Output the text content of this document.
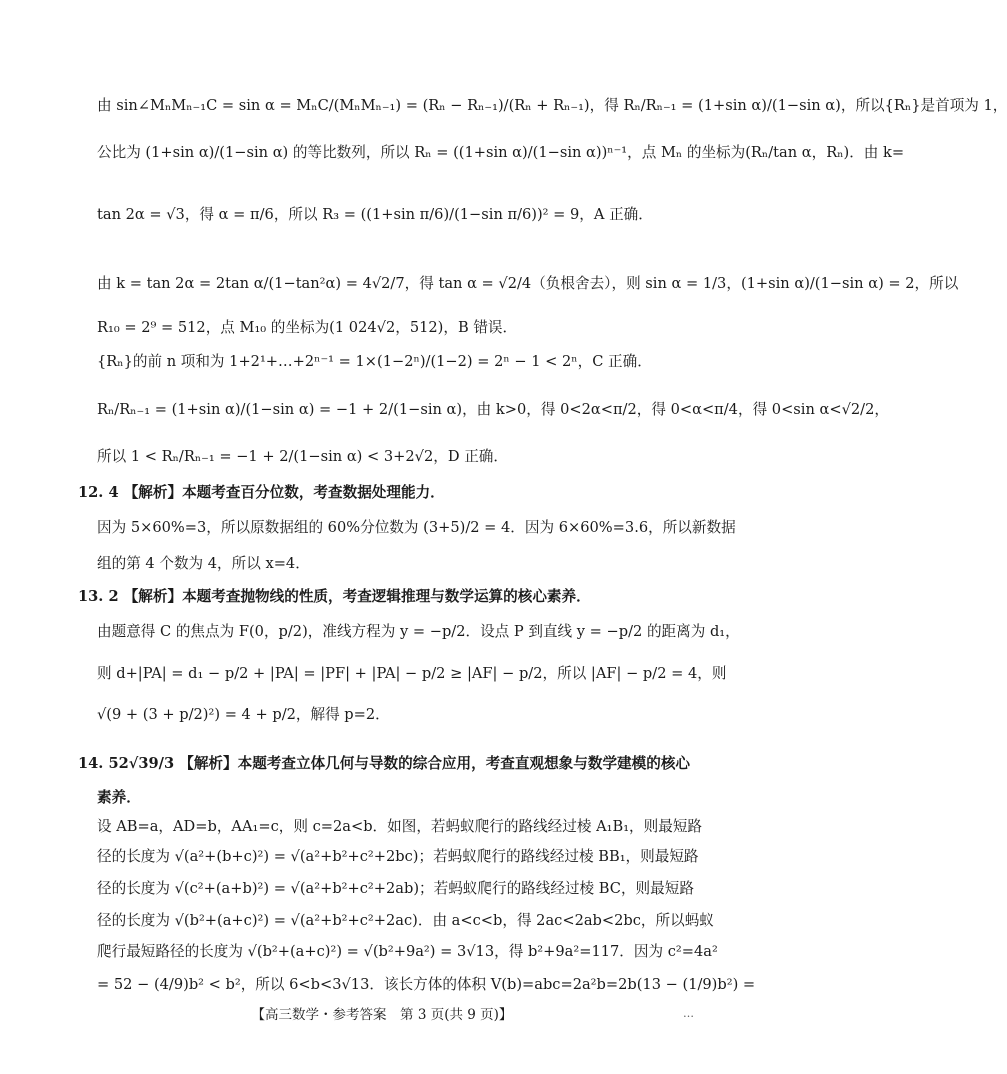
由 sin∠MₙMₙ₋₁C = sin α = MₙC/(MₙMₙ₋₁) = (Rₙ − Rₙ₋₁)/(Rₙ + Rₙ₋₁)，得 Rₙ/Rₙ₋₁ = (1+sin α)/(1−sin α)，所以{Rₙ}是首项为 1，
公比为 (1+sin α)/(1−sin α) 的等比数列，所以 Rₙ = ((1+sin α)/(1−sin α))ⁿ⁻¹，点 Mₙ 的坐标为(Rₙ/tan α，Rₙ)．由 k=
tan 2α = √3，得 α = π/6，所以 R₃ = ((1+sin π/6)/(1−sin π/6))² = 9，A 正确．
由 k = tan 2α = 2tan α/(1−tan²α) = 4√2/7，得 tan α = √2/4（负根舍去），则 sin α = 1/3，(1+sin α)/(1−sin α) = 2，所以
R₁₀ = 2⁹ = 512，点 M₁₀ 的坐标为(1 024√2，512)，B 错误．
{Rₙ}的前 n 项和为 1+2¹+…+2ⁿ⁻¹ = 1×(1−2ⁿ)/(1−2) = 2ⁿ − 1 < 2ⁿ，C 正确．
Rₙ/Rₙ₋₁ = (1+sin α)/(1−sin α) = −1 + 2/(1−sin α)，由 k>0，得 0<2α<π/2，得 0<α<π/4，得 0<sin α<√2/2，
所以 1 < Rₙ/Rₙ₋₁ = −1 + 2/(1−sin α) < 3+2√2，D 正确．
12. 4 【解析】本题考查百分位数，考查数据处理能力．
因为 5×60%=3，所以原数据组的 60%分位数为 (3+5)/2 = 4．因为 6×60%=3.6，所以新数据
组的第 4 个数为 4，所以 x=4．
13. 2 【解析】本题考查抛物线的性质，考查逻辑推理与数学运算的核心素养．
由题意得 C 的焦点为 F(0，p/2)，准线方程为 y = −p/2．设点 P 到直线 y = −p/2 的距离为 d₁，
则 d+|PA| = d₁ − p/2 + |PA| = |PF| + |PA| − p/2 ≥ |AF| − p/2，所以 |AF| − p/2 = 4，则
√(9 + (3 + p/2)²) = 4 + p/2，解得 p=2．
14. 52√39/3 【解析】本题考查立体几何与导数的综合应用，考查直观想象与数学建模的核心
素养．
设 AB=a，AD=b，AA₁=c，则 c=2a<b．如图，若蚂蚁爬行的路线经过棱 A₁B₁，则最短路
径的长度为 √(a²+(b+c)²) = √(a²+b²+c²+2bc)；若蚂蚁爬行的路线经过棱 BB₁，则最短路
径的长度为 √(c²+(a+b)²) = √(a²+b²+c²+2ab)；若蚂蚁爬行的路线经过棱 BC，则最短路
径的长度为 √(b²+(a+c)²) = √(a²+b²+c²+2ac)．由 a<c<b，得 2ac<2ab<2bc，所以蚂蚁
爬行最短路径的长度为 √(b²+(a+c)²) = √(b²+9a²) = 3√13，得 b²+9a²=117．因为 c²=4a²
= 52 − (4/9)b² < b²，所以 6<b<3√13．该长方体的体积 V(b)=abc=2a²b=2b(13 − (1/9)b²) =
【高三数学・参考答案　第 3 页(共 9 页)】	…
